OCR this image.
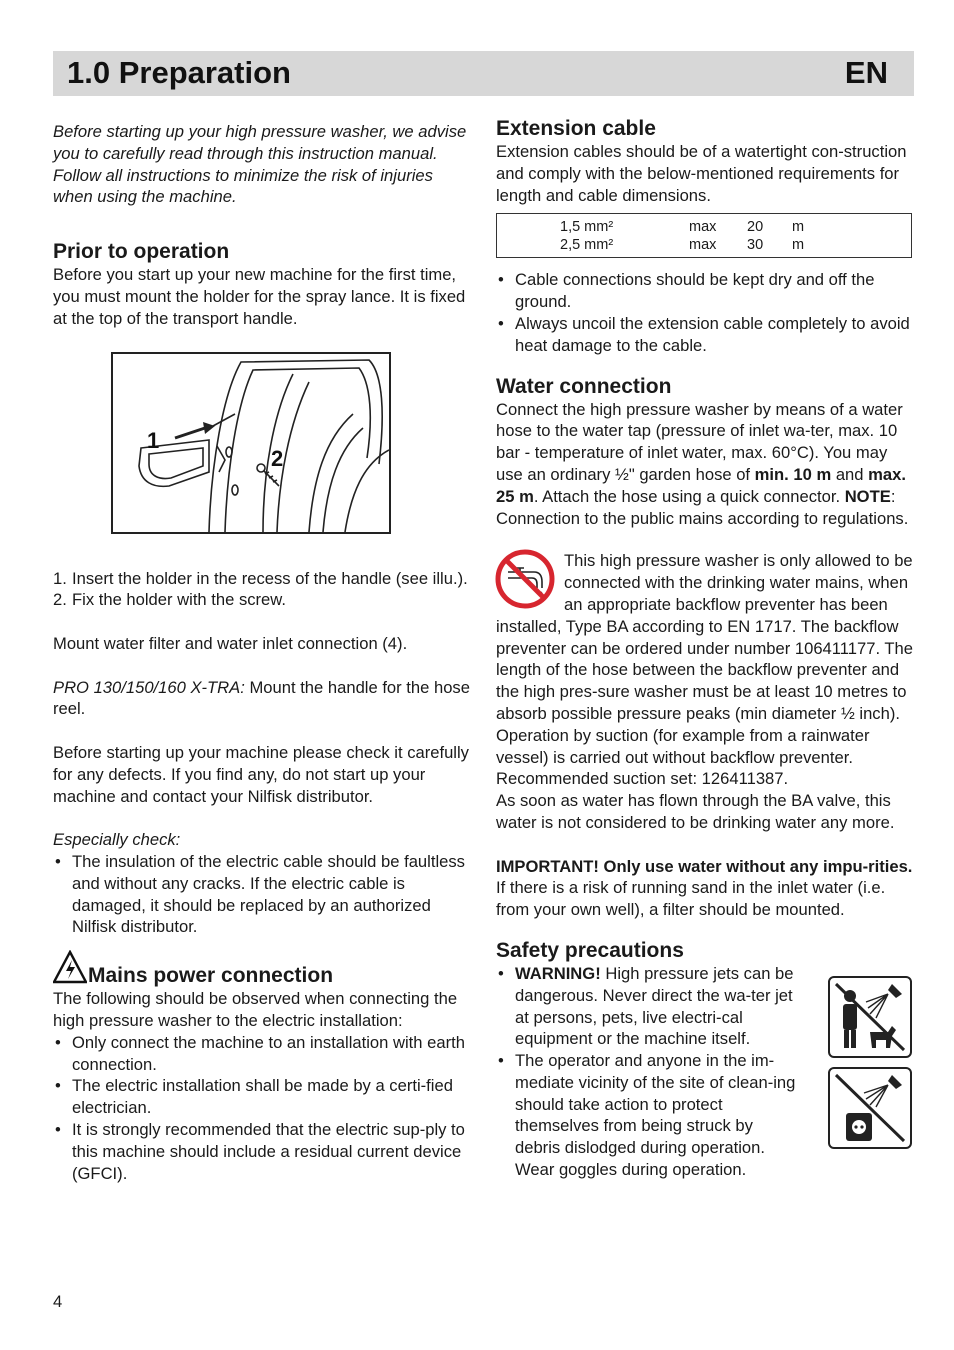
1.0 Preparation	EN

Before starting up your high pressure washer, we advise you to carefully read through this instruction manual. Follow all instructions to minimize the risk of injuries when using the machine.

Prior to operation

Before you start up your new machine for the first time, you must mount the holder for the spray lance. It is fixed at the top of the transport handle.

1
2
1. Insert the holder in the recess of the handle (see illu.).
2. Fix the holder with the screw.

Mount water filter and water inlet connection (4).

PRO 130/150/160 X-TRA: Mount the handle for the hose reel.

Before starting up your machine please check it carefully for any defects. If you find any, do not start up your machine and contact your Nilfisk distributor.

Especially check:

• The insulation of the electric cable should be faultless and without any cracks. If the electric cable is damaged, it should be replaced by an authorized Nilfisk distributor.
Mains power connection

The following should be observed when connecting the high pressure washer to the electric installation:

• Only connect the machine to an installation with earth connection.
• The electric installation shall be made by a certi-fied electrician.
• It is strongly recommended that the electric sup-ply to this machine should include a residual current device (GFCI).
Extension cable

Extension cables should be of a watertight con-struction and comply with the below-mentioned requirements for length and cable dimensions.

1,5 mm²	max 20 m
2,5 mm²	max 30 m
• Cable connections should be kept dry and off the ground.
• Always uncoil the extension cable completely to avoid heat damage to the cable.
Water connection

Connect the high pressure washer by means of a water hose to the water tap (pressure of inlet wa-ter, max. 10 bar - temperature of inlet water, max. 60°C). You may use an ordinary ½" garden hose of min. 10 m and max. 25 m. Attach the hose using a quick connector. NOTE: Connection to the public mains according to regulations.

This high pressure washer is only allowed to be connected with the drinking water mains, when an appropriate backflow preventer has been installed, Type BA according to EN 1717. The backflow preventer can be ordered under number 106411177. The length of the hose between the backflow preventer and the high pres-sure washer must be at least 10 metres to absorb possible pressure peaks (min diameter ½ inch). Operation by suction (for example from a rainwater vessel) is carried out without backflow preventer. Recommended suction set: 126411387.

As soon as water has flown through the BA valve, this water is not considered to be drinking water any more.

IMPORTANT! Only use water without any impu-rities. If there is a risk of running sand in the inlet water (i.e. from your own well), a filter should be mounted.

Safety precautions
• WARNING! High pressure jets can be dangerous. Never direct the wa-ter jet at persons, pets, live electri-cal equipment or the machine itself.
• The operator and anyone in the im-mediate vicinity of the site of clean-ing should take action to protect themselves from being struck by debris dislodged during operation. Wear goggles during operation.
4
